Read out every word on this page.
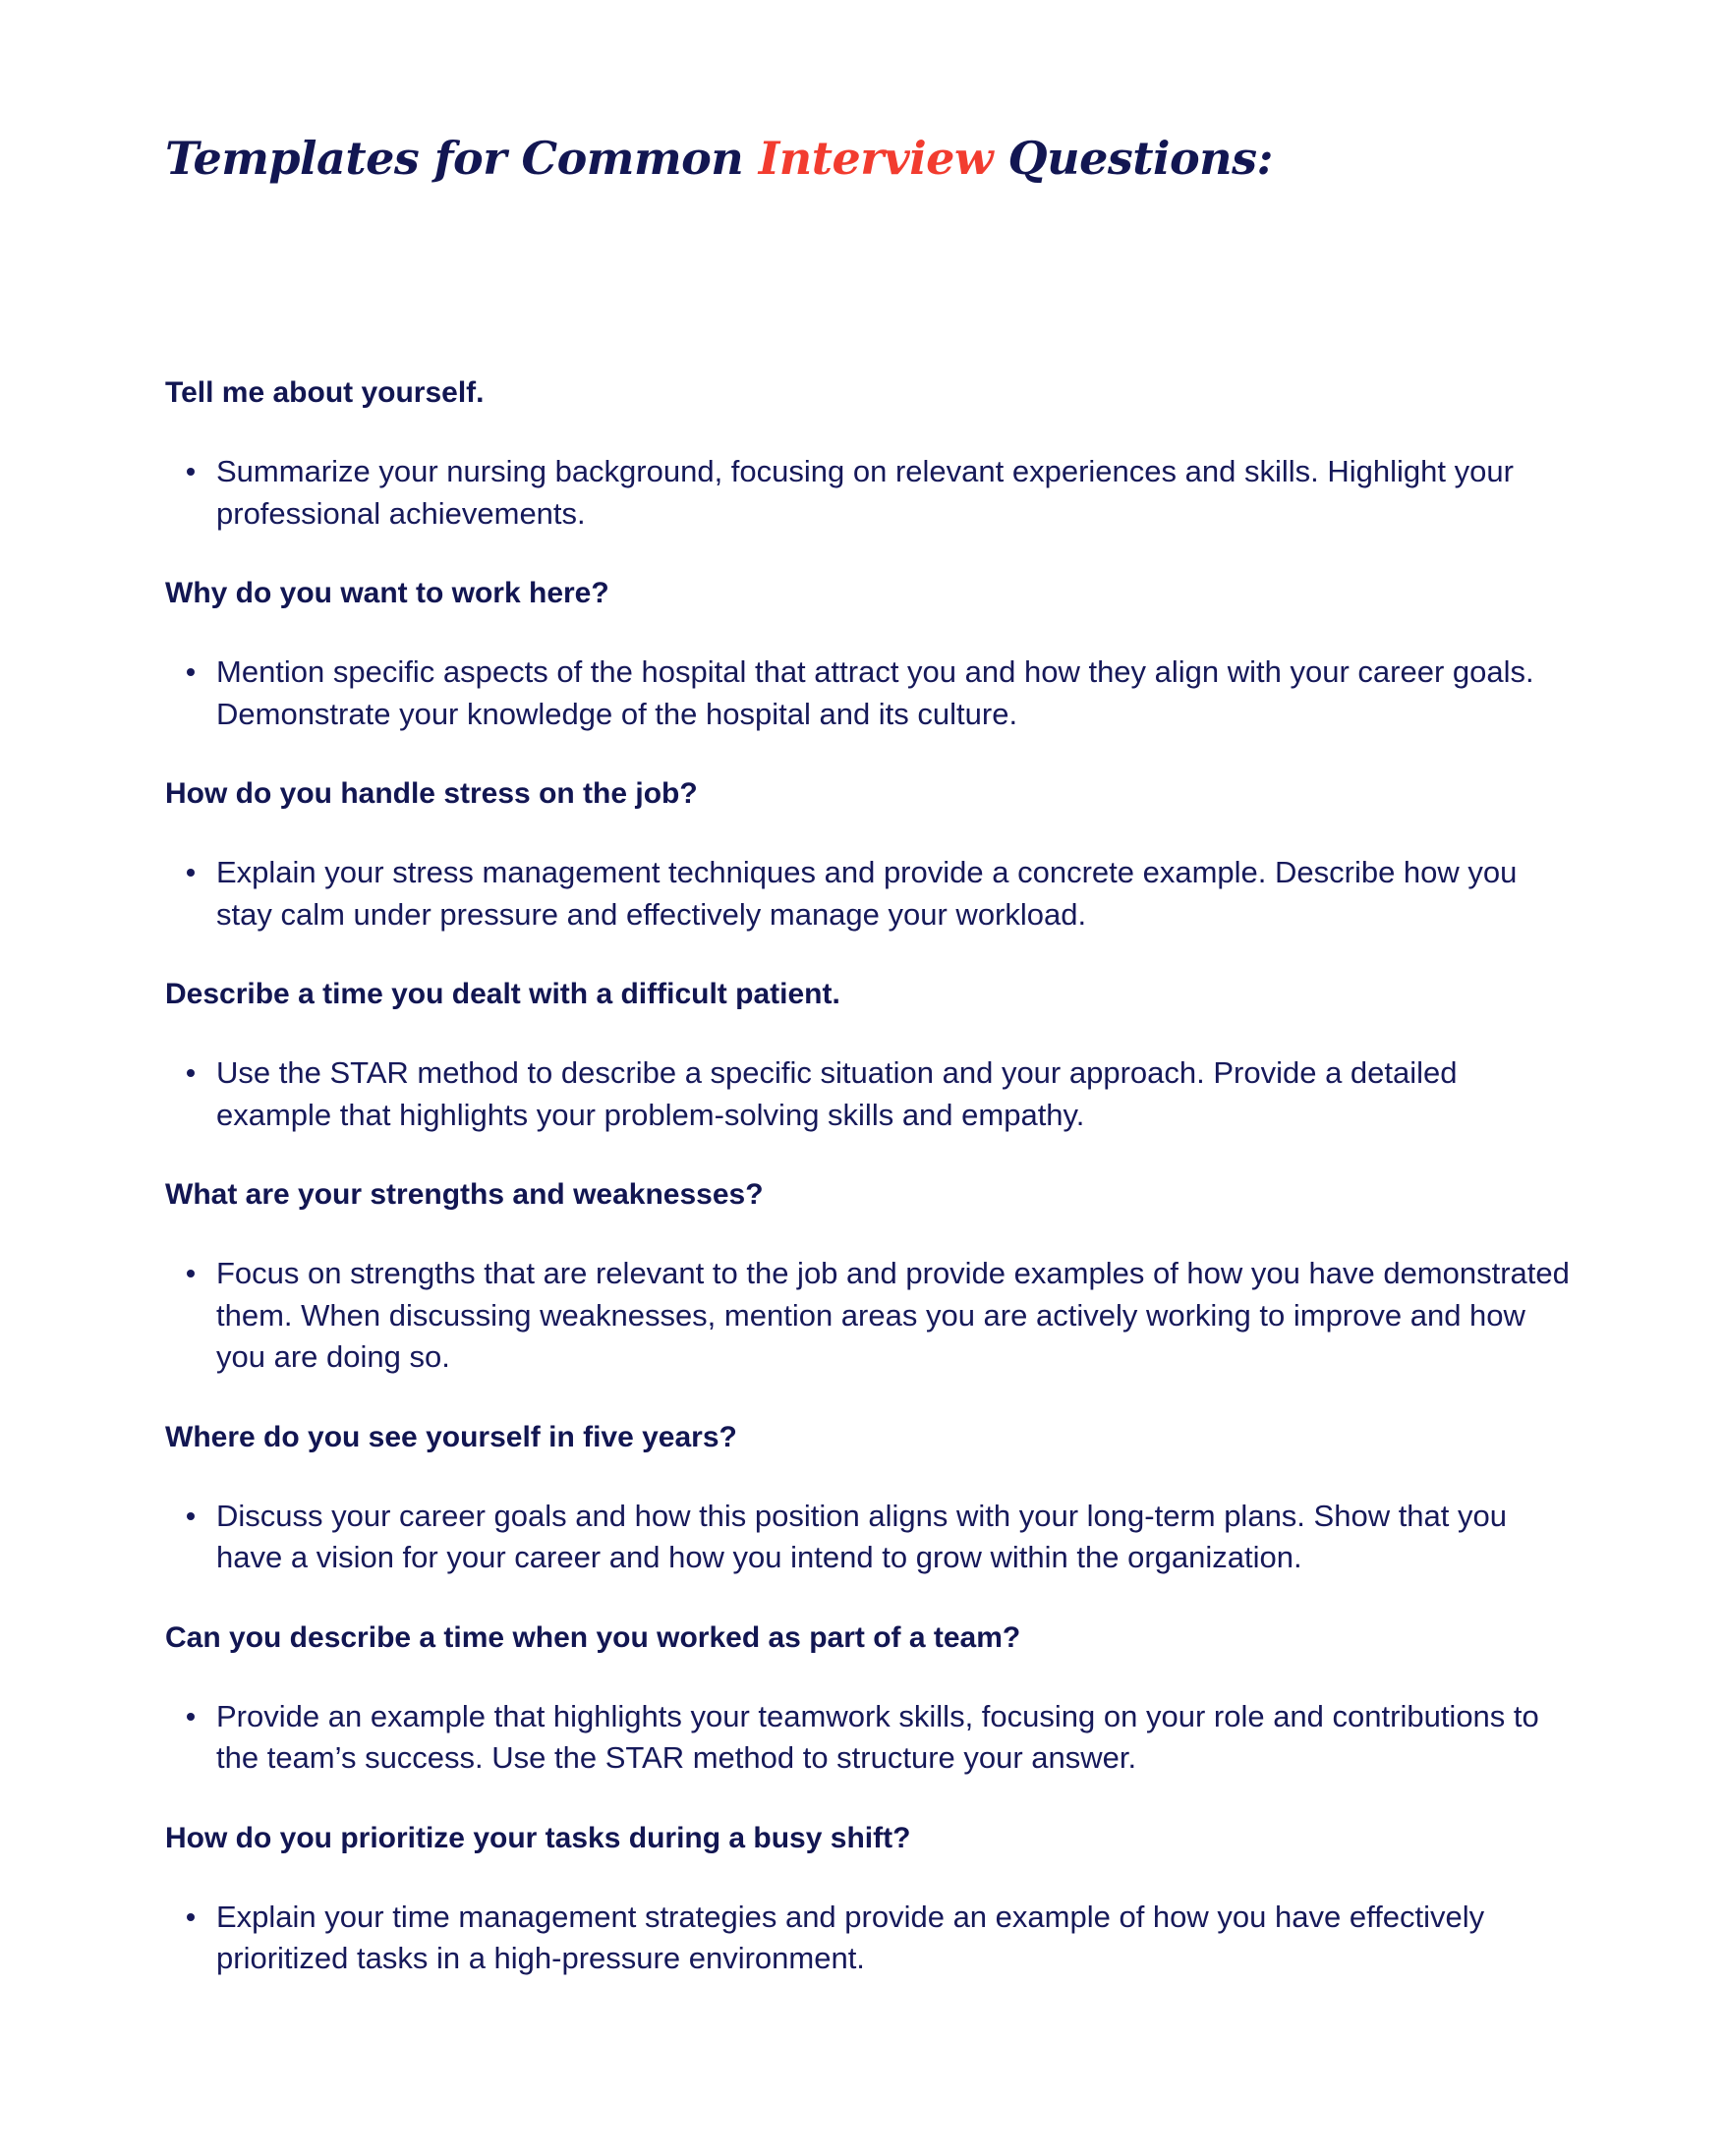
Templates for Common Interview Questions:

Tell me about yourself.

Summarize your nursing background, focusing on relevant experiences and skills. Highlight your professional achievements.

Why do you want to work here?

Mention specific aspects of the hospital that attract you and how they align with your career goals. Demonstrate your knowledge of the hospital and its culture.

How do you handle stress on the job?

Explain your stress management techniques and provide a concrete example. Describe how you stay calm under pressure and effectively manage your workload.

Describe a time you dealt with a difficult patient.

Use the STAR method to describe a specific situation and your approach. Provide a detailed example that highlights your problem-solving skills and empathy.

What are your strengths and weaknesses?

Focus on strengths that are relevant to the job and provide examples of how you have demonstrated them. When discussing weaknesses, mention areas you are actively working to improve and how you are doing so.

Where do you see yourself in five years?

Discuss your career goals and how this position aligns with your long-term plans. Show that you have a vision for your career and how you intend to grow within the organization.

Can you describe a time when you worked as part of a team?

Provide an example that highlights your teamwork skills, focusing on your role and contributions to the team’s success. Use the STAR method to structure your answer.

How do you prioritize your tasks during a busy shift?

Explain your time management strategies and provide an example of how you have effectively prioritized tasks in a high-pressure environment.
